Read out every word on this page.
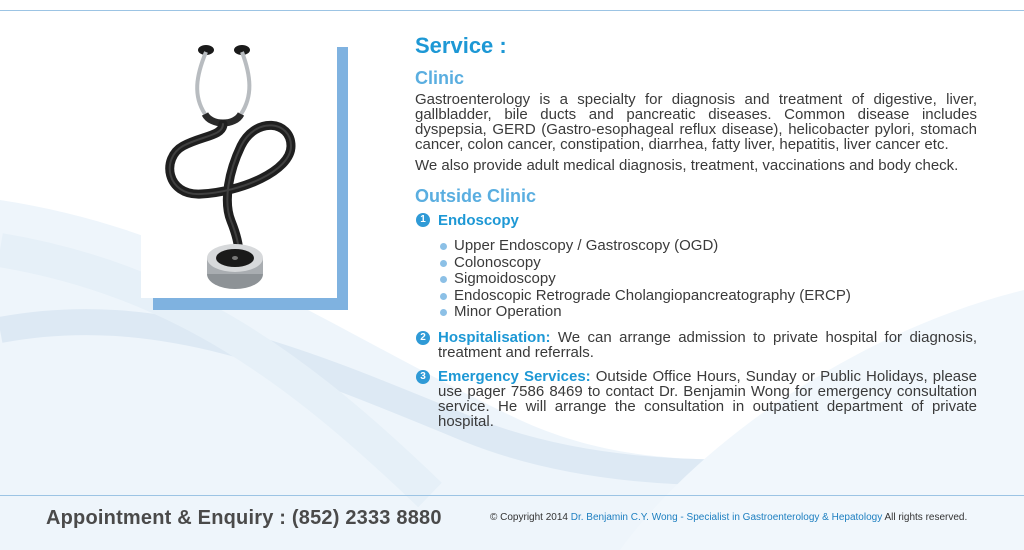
Service :
Clinic

Gastroenterology is a specialty for diagnosis and treatment of digestive, liver, gallbladder, bile ducts and pancreatic diseases. Common disease includes dyspepsia, GERD (Gastro-esophageal reflux disease), helicobacter pylori, stomach cancer, colon cancer, constipation, diarrhea, fatty liver, hepatitis, liver cancer etc.

We also provide adult medical diagnosis, treatment, vaccinations and body check.

Outside Clinic
1 Endoscopy
Upper Endoscopy / Gastroscopy (OGD)
Colonoscopy
Sigmoidoscopy
Endoscopic Retrograde Cholangiopancreatography (ERCP)
Minor Operation
2 Hospitalisation: We can arrange admission to private hospital for diagnosis, treatment and referrals.
3 Emergency Services: Outside Office Hours, Sunday or Public Holidays, please use pager 7586 8469 to contact Dr. Benjamin Wong for emergency consultation service. He will arrange the consultation in outpatient department of private hospital.
Appointment & Enquiry : (852) 2333 8880	© Copyright 2014 Dr. Benjamin C.Y. Wong - Specialist in Gastroenterology & Hepatology All rights reserved.
